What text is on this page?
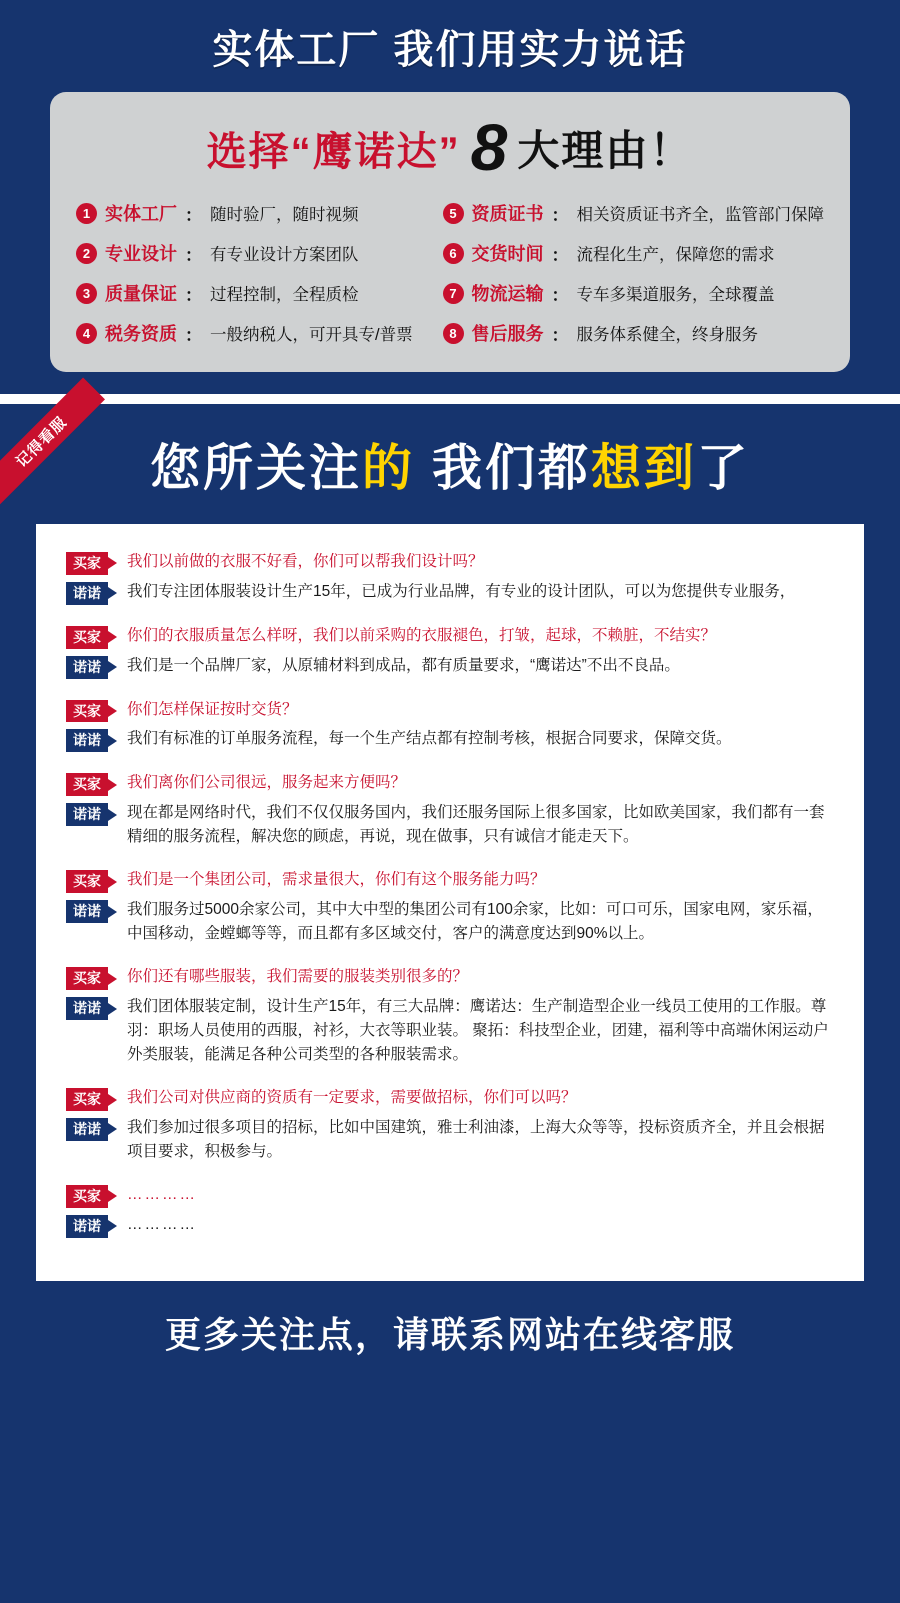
实体工厂 我们用实力说话
选择“鹰诺达” 8 大理由！
1 实体工厂 ： 随时验厂，随时视频	5 资质证书 ： 相关资质证书齐全，监管部门保障
2 专业设计 ： 有专业设计方案团队	6 交货时间 ： 流程化生产，保障您的需求
3 质量保证 ： 过程控制，全程质检	7 物流运输 ： 专车多渠道服务，全球覆盖
4 税务资质 ： 一般纳税人，可开具专/普票	8 售后服务 ： 服务体系健全，终身服务
记得看服	您所关注的 我们都想到了
买家	我们以前做的衣服不好看，你们可以帮我们设计吗？
诺诺	我们专注团体服装设计生产15年，已成为行业品牌，有专业的设计团队，可以为您提供专业服务，
买家	你们的衣服质量怎么样呀，我们以前采购的衣服褪色，打皱，起球，不赖脏，不结实？
诺诺	我们是一个品牌厂家，从原辅材料到成品，都有质量要求，“鹰诺达”不出不良品。
买家	你们怎样保证按时交货？
诺诺	我们有标准的订单服务流程，每一个生产结点都有控制考核，根据合同要求，保障交货。
买家	我们离你们公司很远，服务起来方便吗？
诺诺	现在都是网络时代，我们不仅仅服务国内，我们还服务国际上很多国家，比如欧美国家，我们都有一套精细的服务流程，解决您的顾虑，再说，现在做事，只有诚信才能走天下。
买家	我们是一个集团公司，需求量很大，你们有这个服务能力吗？
诺诺	我们服务过5000余家公司，其中大中型的集团公司有100余家，比如：可口可乐，国家电网，家乐福，中国移动，金螳螂等等，而且都有多区域交付，客户的满意度达到90%以上。
买家	你们还有哪些服装，我们需要的服装类别很多的？
诺诺	我们团体服装定制，设计生产15年，有三大品牌：鹰诺达：生产制造型企业一线员工使用的工作服。尊羽：职场人员使用的西服，衬衫，大衣等职业装。 聚拓：科技型企业，团建，福利等中高端休闲运动户外类服装，能满足各种公司类型的各种服装需求。
买家	我们公司对供应商的资质有一定要求，需要做招标，你们可以吗？
诺诺	我们参加过很多项目的招标，比如中国建筑，雅士利油漆，上海大众等等，投标资质齐全，并且会根据项目要求，积极参与。
买家	…………
诺诺	…………
更多关注点，请联系网站在线客服
